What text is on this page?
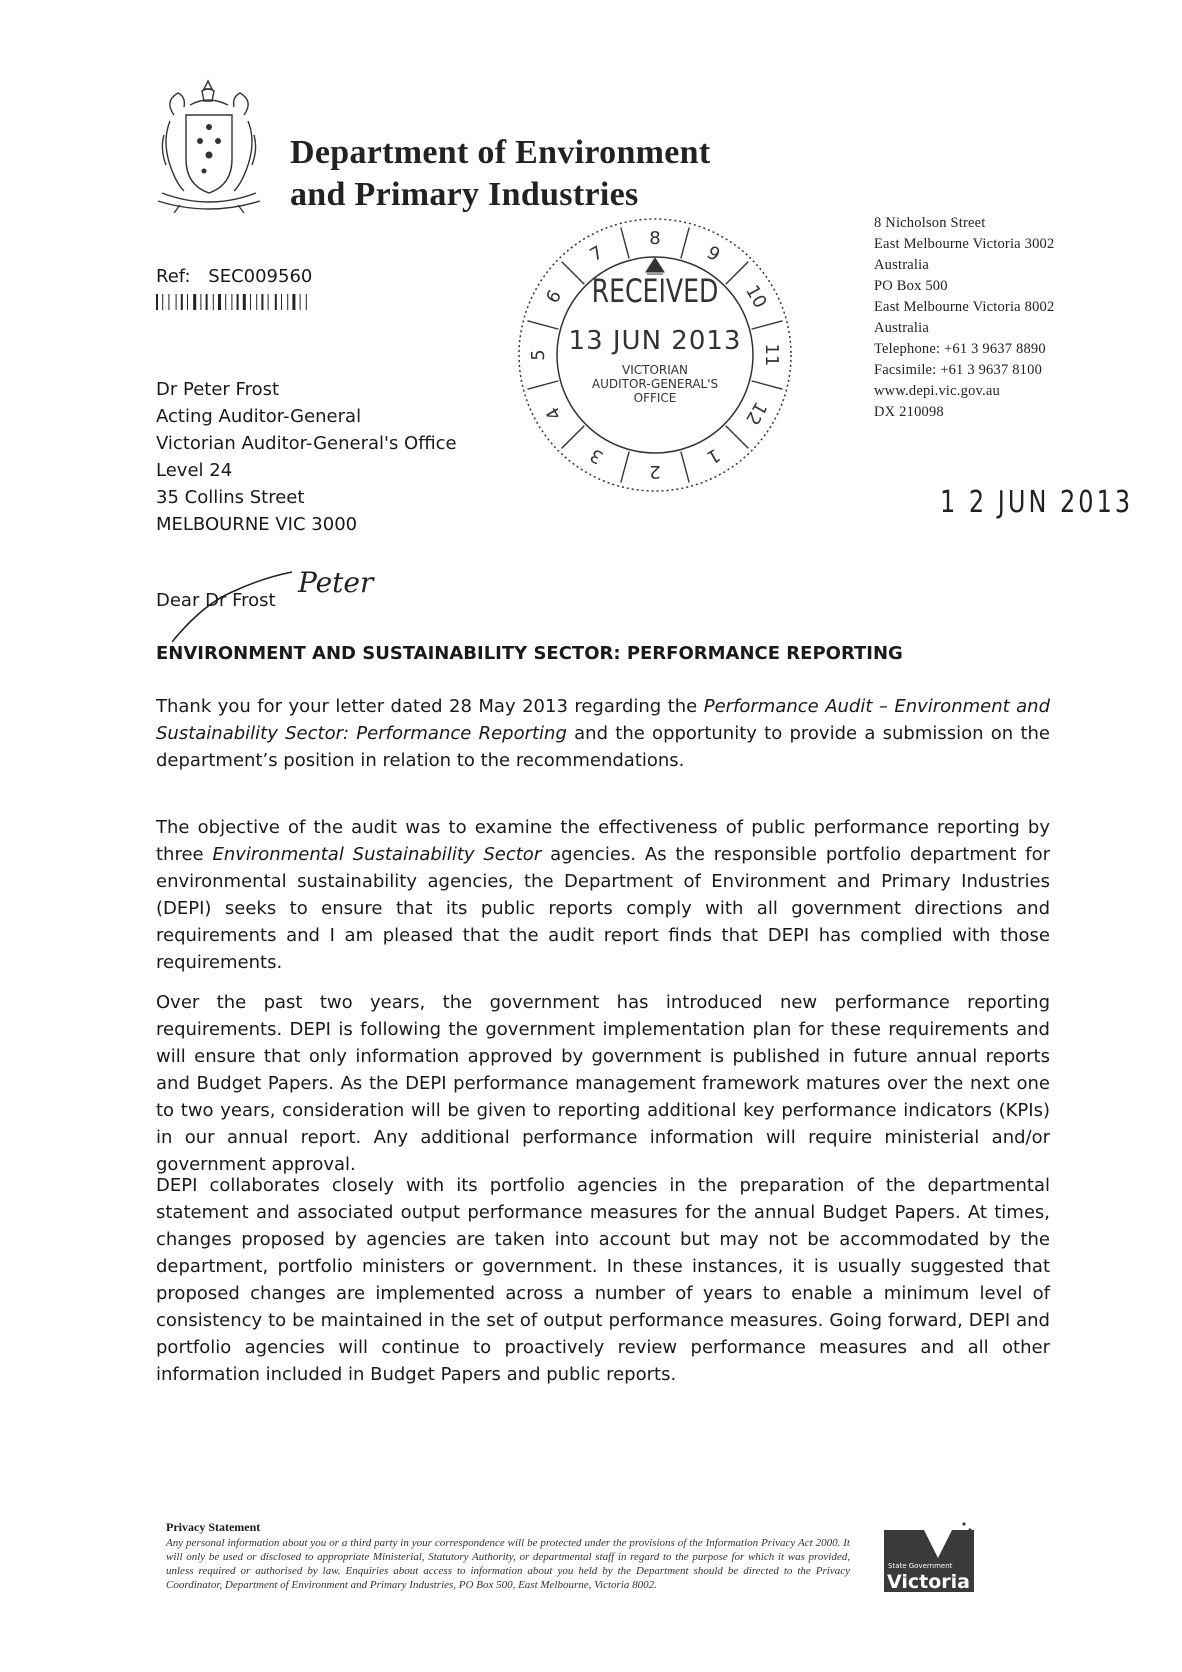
Department of Environment
and Primary Industries
Ref: SEC009560
8
9
10
11
12
1
2
3
4
5
6
7
RECEIVED
13 JUN 2013
VICTORIAN
AUDITOR-GENERAL'S
OFFICE
8 Nicholson Street
East Melbourne Victoria 3002
Australia
PO Box 500
East Melbourne Victoria 8002
Australia
Telephone: +61 3 9637 8890
Facsimile: +61 3 9637 8100
www.depi.vic.gov.au
DX 210098
1 2 JUN 2013
Dr Peter Frost
Acting Auditor-General
Victorian Auditor-General's Office
Level 24
35 Collins Street
MELBOURNE VIC 3000
Dear Dr Frost
Peter
ENVIRONMENT AND SUSTAINABILITY SECTOR: PERFORMANCE REPORTING
Thank you for your letter dated 28 May 2013 regarding the Performance Audit – Environment and Sustainability Sector: Performance Reporting and the opportunity to provide a submission on the department’s position in relation to the recommendations.
The objective of the audit was to examine the effectiveness of public performance reporting by three Environmental Sustainability Sector agencies. As the responsible portfolio department for environmental sustainability agencies, the Department of Environment and Primary Industries (DEPI) seeks to ensure that its public reports comply with all government directions and requirements and I am pleased that the audit report finds that DEPI has complied with those requirements.
Over the past two years, the government has introduced new performance reporting requirements. DEPI is following the government implementation plan for these requirements and will ensure that only information approved by government is published in future annual reports and Budget Papers. As the DEPI performance management framework matures over the next one to two years, consideration will be given to reporting additional key performance indicators (KPIs) in our annual report. Any additional performance information will require ministerial and/or government approval.
DEPI collaborates closely with its portfolio agencies in the preparation of the departmental statement and associated output performance measures for the annual Budget Papers. At times, changes proposed by agencies are taken into account but may not be accommodated by the department, portfolio ministers or government. In these instances, it is usually suggested that proposed changes are implemented across a number of years to enable a minimum level of consistency to be maintained in the set of output performance measures. Going forward, DEPI and portfolio agencies will continue to proactively review performance measures and all other information included in Budget Papers and public reports.
Privacy Statement
Any personal information about you or a third party in your correspondence will be protected under the provisions of the Information Privacy Act 2000. It will only be used or disclosed to appropriate Ministerial, Statutory Authority, or departmental staff in regard to the purpose for which it was provided, unless required or authorised by law. Enquiries about access to information about you held by the Department should be directed to the Privacy Coordinator, Department of Environment and Primary Industries, PO Box 500, East Melbourne, Victoria 8002.
State Government
Victoria
